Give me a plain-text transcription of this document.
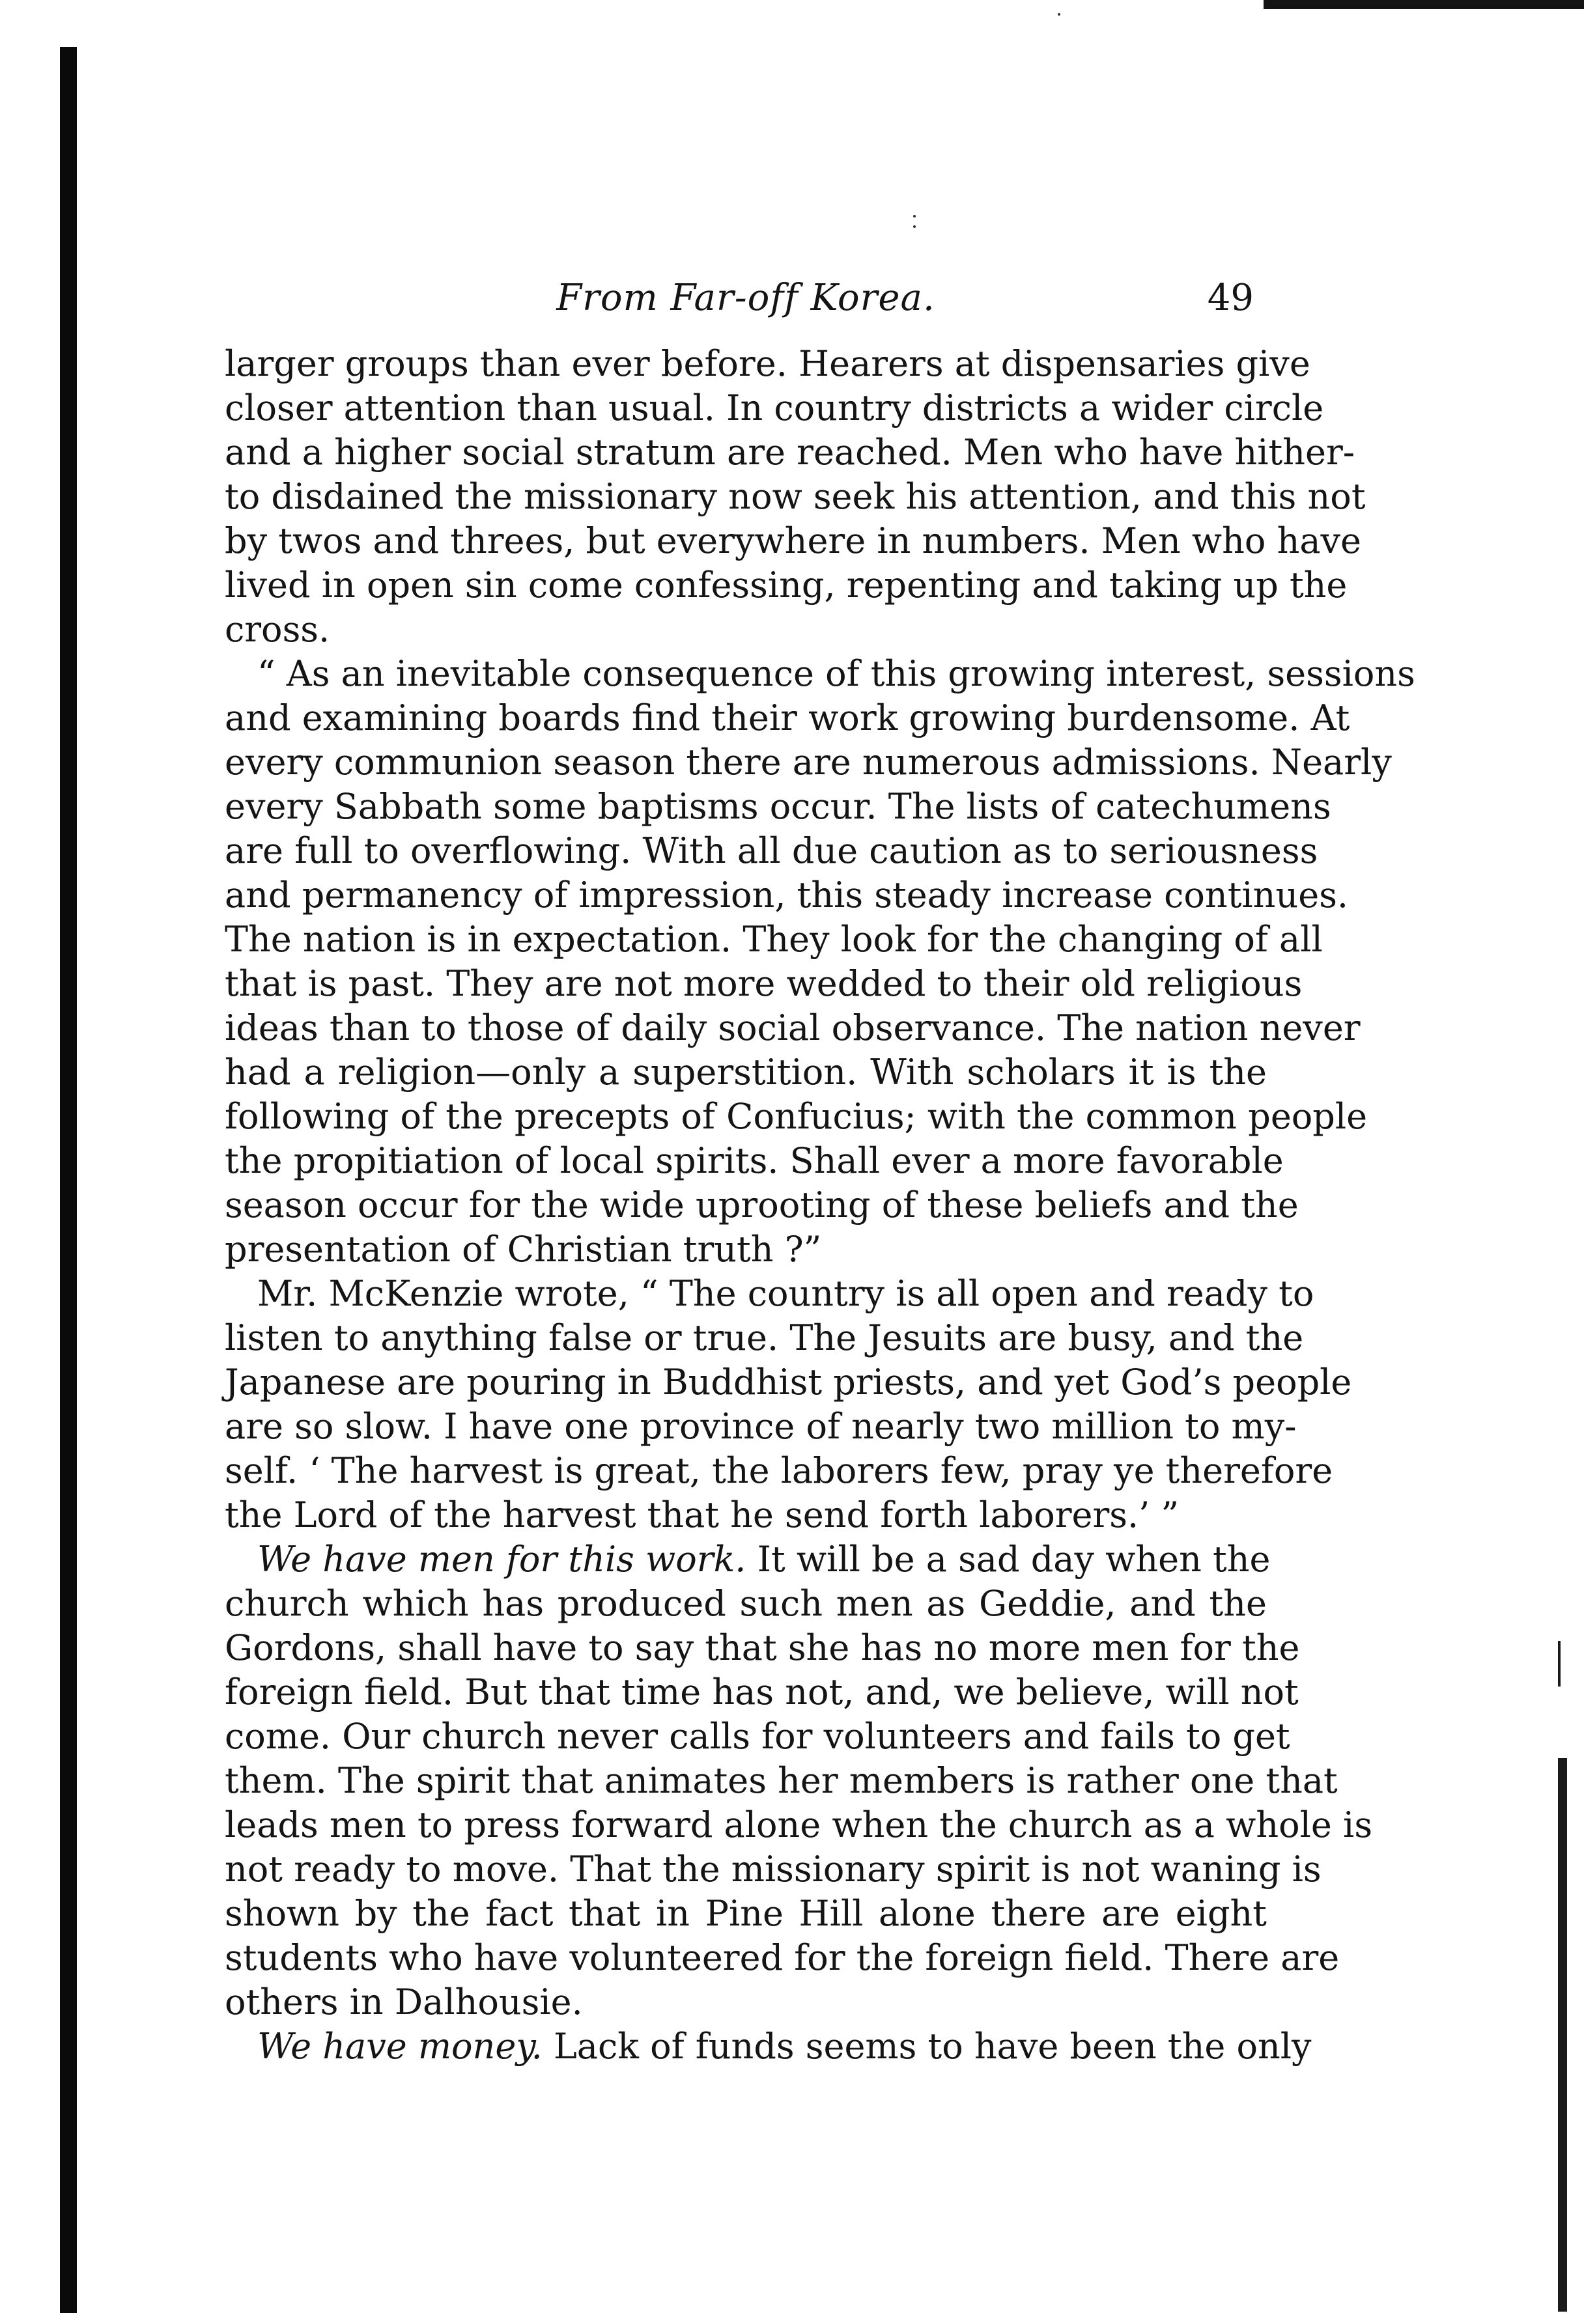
From Far-off Korea.	49
larger groups than ever before. Hearers at dispensaries give
closer attention than usual. In country districts a wider circle
and a higher social stratum are reached. Men who have hither-
to disdained the missionary now seek his attention, and this not
by twos and threes, but everywhere in numbers. Men who have
lived in open sin come confessing, repenting and taking up the
cross.
“ As an inevitable consequence of this growing interest, sessions
and examining boards find their work growing burdensome. At
every communion season there are numerous admissions. Nearly
every Sabbath some baptisms occur. The lists of catechumens
are full to overflowing. With all due caution as to seriousness
and permanency of impression, this steady increase continues.
The nation is in expectation. They look for the changing of all
that is past. They are not more wedded to their old religious
ideas than to those of daily social observance. The nation never
had a religion—only a superstition. With scholars it is the
following of the precepts of Confucius; with the common people
the propitiation of local spirits. Shall ever a more favorable
season occur for the wide uprooting of these beliefs and the
presentation of Christian truth ?”
Mr. McKenzie wrote, “ The country is all open and ready to
listen to anything false or true. The Jesuits are busy, and the
Japanese are pouring in Buddhist priests, and yet God’s people
are so slow. I have one province of nearly two million to my-
self. ‘ The harvest is great, the laborers few, pray ye therefore
the Lord of the harvest that he send forth laborers.’ ”
We have men for this work. It will be a sad day when the
church which has produced such men as Geddie, and the
Gordons, shall have to say that she has no more men for the
foreign field. But that time has not, and, we believe, will not
come. Our church never calls for volunteers and fails to get
them. The spirit that animates her members is rather one that
leads men to press forward alone when the church as a whole is
not ready to move. That the missionary spirit is not waning is
shown by the fact that in Pine Hill alone there are eight
students who have volunteered for the foreign field. There are
others in Dalhousie.
We have money. Lack of funds seems to have been the only
